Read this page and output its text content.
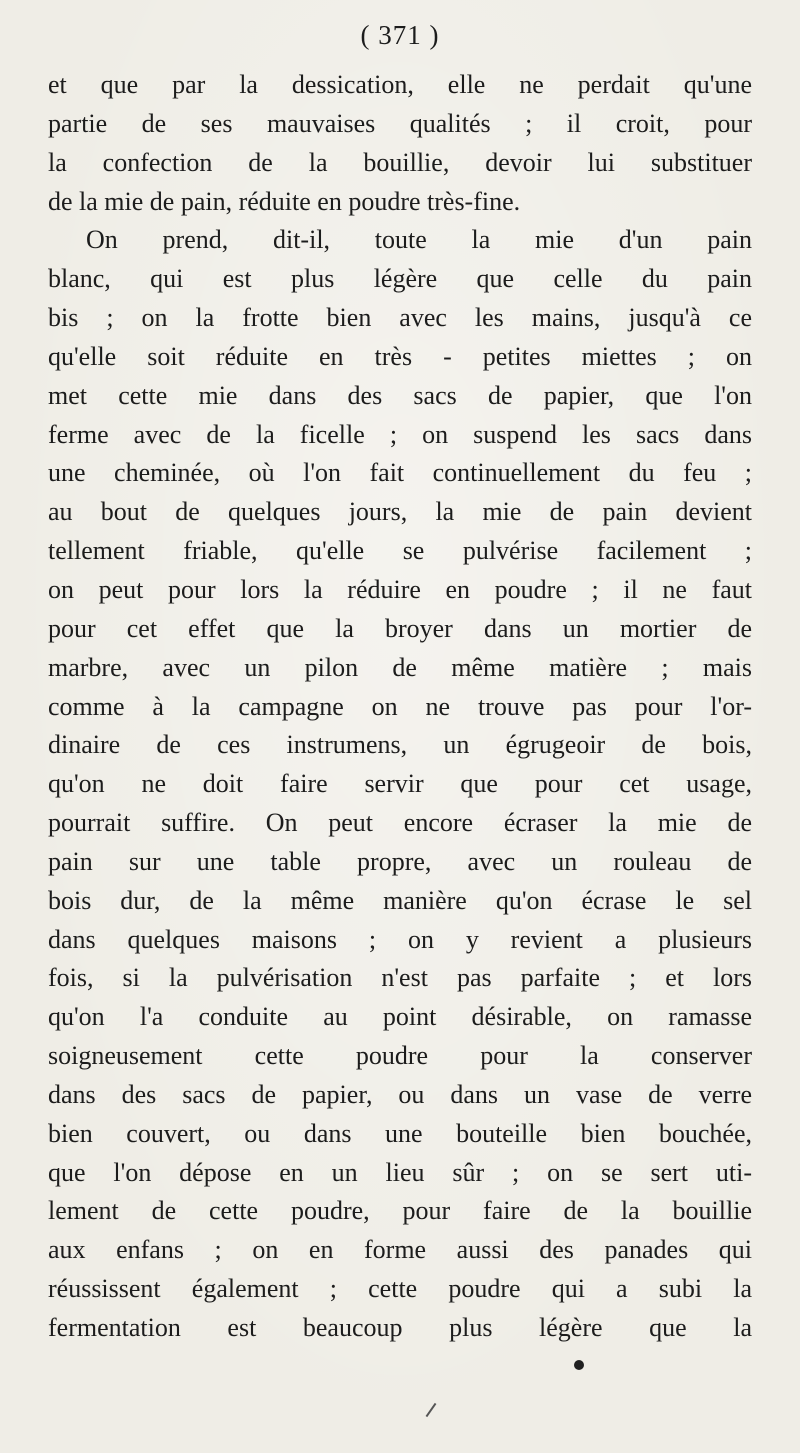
( 371 )
et que par la dessication, elle ne perdait qu'une
partie de ses mauvaises qualités ; il croit, pour
la confection de la bouillie, devoir lui substituer
de la mie de pain, réduite en poudre très-fine.
On prend, dit-il, toute la mie d'un pain
blanc, qui est plus légère que celle du pain
bis ; on la frotte bien avec les mains, jusqu'à ce
qu'elle soit réduite en très - petites miettes ; on
met cette mie dans des sacs de papier, que l'on
ferme avec de la ficelle ; on suspend les sacs dans
une cheminée, où l'on fait continuellement du feu ;
au bout de quelques jours, la mie de pain devient
tellement friable, qu'elle se pulvérise facilement ;
on peut pour lors la réduire en poudre ; il ne faut
pour cet effet que la broyer dans un mortier de
marbre, avec un pilon de même matière ; mais
comme à la campagne on ne trouve pas pour l'or-
dinaire de ces instrumens, un égrugeoir de bois,
qu'on ne doit faire servir que pour cet usage,
pourrait suffire. On peut encore écraser la mie de
pain sur une table propre, avec un rouleau de
bois dur, de la même manière qu'on écrase le sel
dans quelques maisons ; on y revient a plusieurs
fois, si la pulvérisation n'est pas parfaite ; et lors
qu'on l'a conduite au point désirable, on ramasse
soigneusement cette poudre pour la conserver
dans des sacs de papier, ou dans un vase de verre
bien couvert, ou dans une bouteille bien bouchée,
que l'on dépose en un lieu sûr ; on se sert uti-
lement de cette poudre, pour faire de la bouillie
aux enfans ; on en forme aussi des panades qui
réussissent également ; cette poudre qui a subi la
fermentation est beaucoup plus légère que la
